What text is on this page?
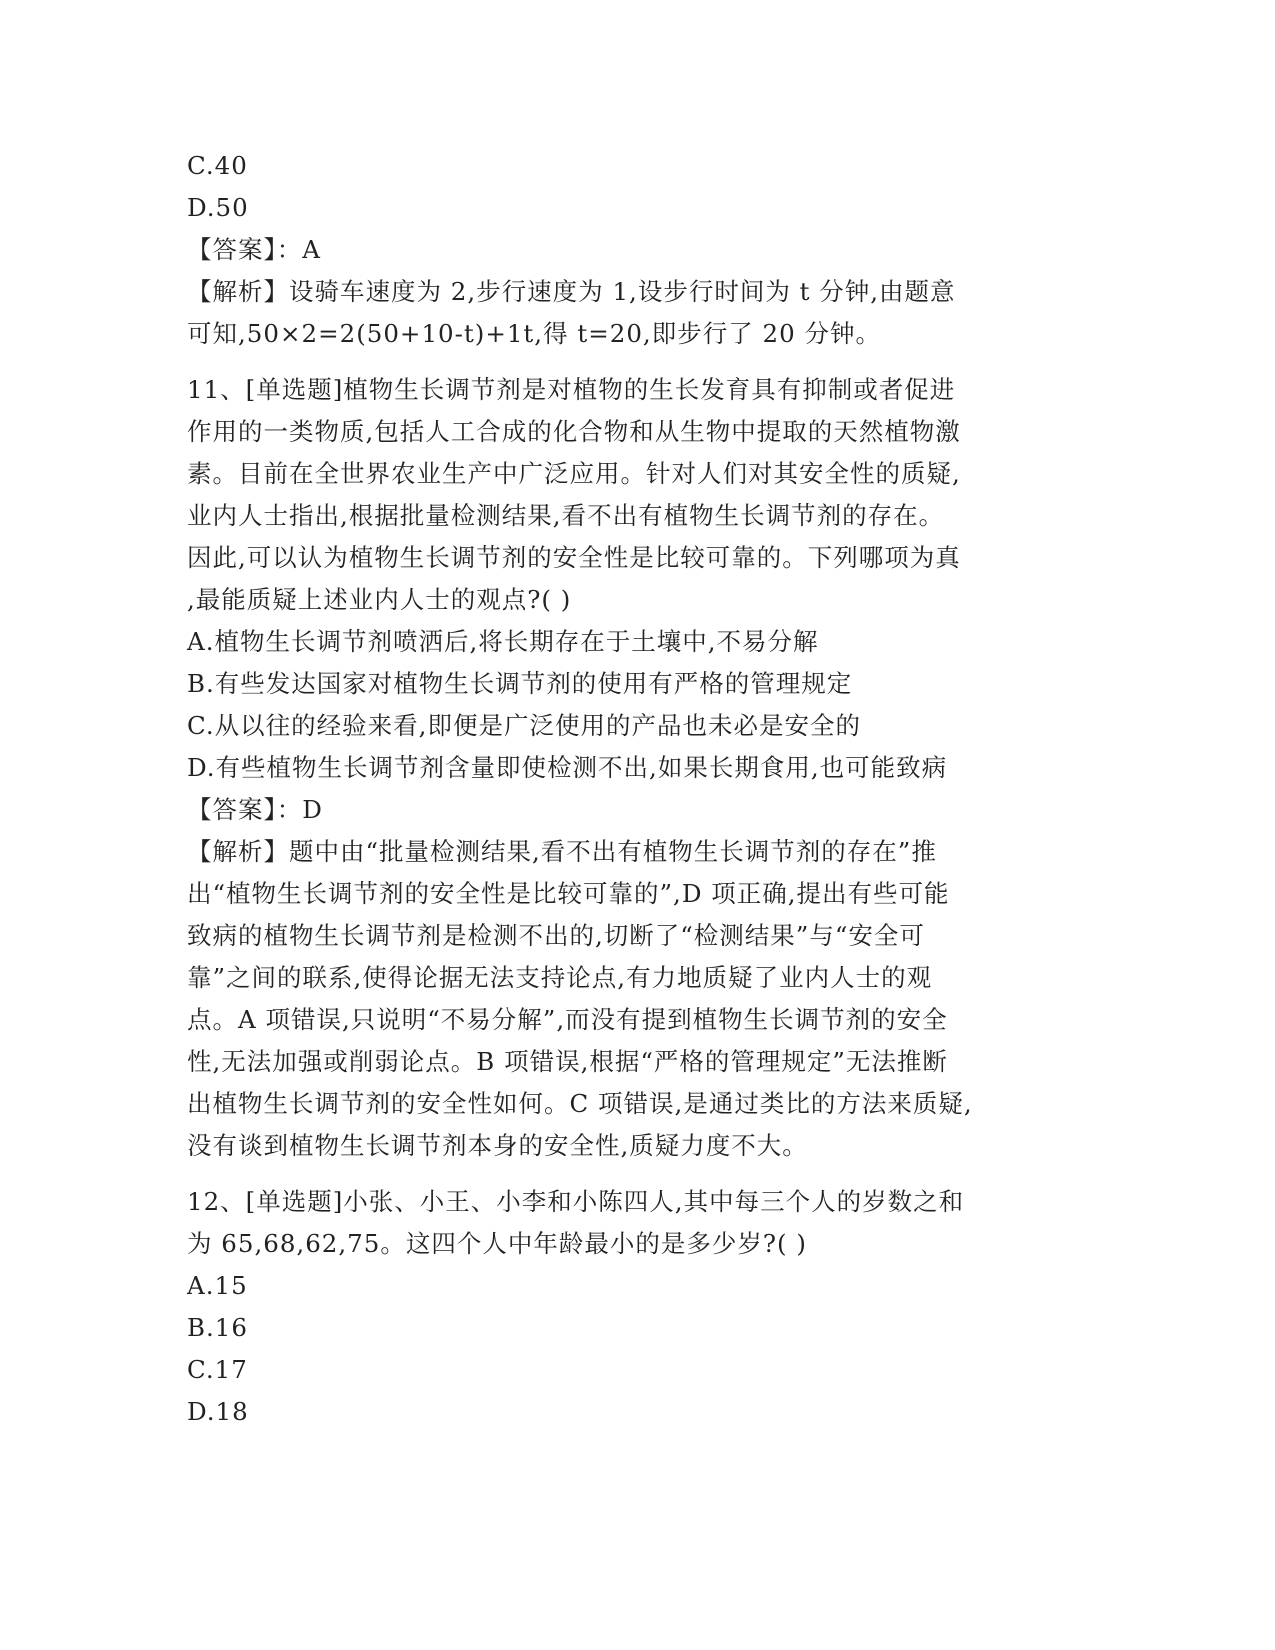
C.40
D.50
【答案】：A
【解析】设骑车速度为 2,步行速度为 1,设步行时间为 t 分钟,由题意
可知,50×2=2(50+10-t)+1t,得 t=20,即步行了 20 分钟。
11、[单选题]植物生长调节剂是对植物的生长发育具有抑制或者促进
作用的一类物质,包括人工合成的化合物和从生物中提取的天然植物激
素。目前在全世界农业生产中广泛应用。针对人们对其安全性的质疑,
业内人士指出,根据批量检测结果,看不出有植物生长调节剂的存在。
因此,可以认为植物生长调节剂的安全性是比较可靠的。下列哪项为真
,最能质疑上述业内人士的观点?( )
A.植物生长调节剂喷洒后,将长期存在于土壤中,不易分解
B.有些发达国家对植物生长调节剂的使用有严格的管理规定
C.从以往的经验来看,即便是广泛使用的产品也未必是安全的
D.有些植物生长调节剂含量即使检测不出,如果长期食用,也可能致病
【答案】：D
【解析】题中由“批量检测结果,看不出有植物生长调节剂的存在”推
出“植物生长调节剂的安全性是比较可靠的”,D 项正确,提出有些可能
致病的植物生长调节剂是检测不出的,切断了“检测结果”与“安全可
靠”之间的联系,使得论据无法支持论点,有力地质疑了业内人士的观
点。A 项错误,只说明“不易分解”,而没有提到植物生长调节剂的安全
性,无法加强或削弱论点。B 项错误,根据“严格的管理规定”无法推断
出植物生长调节剂的安全性如何。C 项错误,是通过类比的方法来质疑,
没有谈到植物生长调节剂本身的安全性,质疑力度不大。
12、[单选题]小张、小王、小李和小陈四人,其中每三个人的岁数之和
为 65,68,62,75。这四个人中年龄最小的是多少岁?( )
A.15
B.16
C.17
D.18
